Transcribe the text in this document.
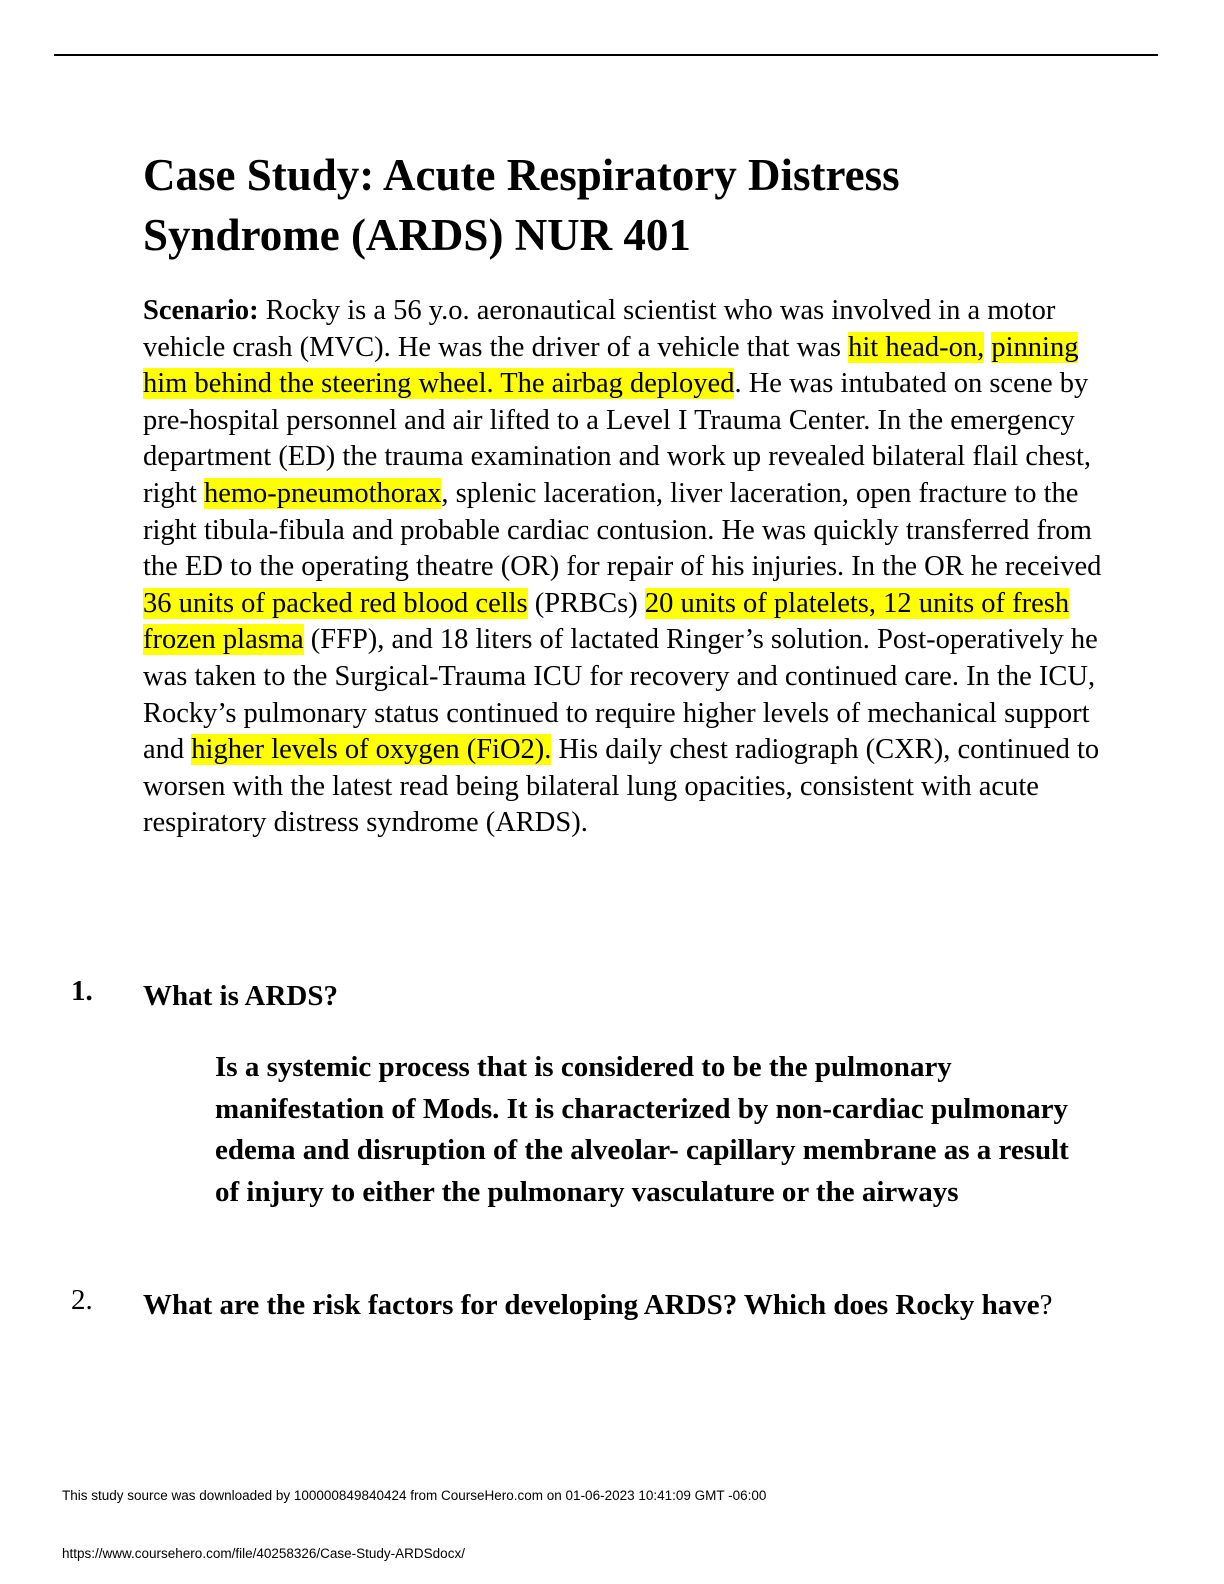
Case Study: Acute Respiratory Distress Syndrome (ARDS) NUR 401

Scenario: Rocky is a 56 y.o. aeronautical scientist who was involved in a motor vehicle crash (MVC). He was the driver of a vehicle that was hit head-on, pinning him behind the steering wheel. The airbag deployed. He was intubated on scene by pre-hospital personnel and air lifted to a Level I Trauma Center. In the emergency department (ED) the trauma examination and work up revealed bilateral flail chest, right hemo-pneumothorax, splenic laceration, liver laceration, open fracture to the right tibula-fibula and probable cardiac contusion. He was quickly transferred from the ED to the operating theatre (OR) for repair of his injuries. In the OR he received 36 units of packed red blood cells (PRBCs) 20 units of platelets, 12 units of fresh frozen plasma (FFP), and 18 liters of lactated Ringer’s solution. Post-operatively he was taken to the Surgical-Trauma ICU for recovery and continued care. In the ICU, Rocky’s pulmonary status continued to require higher levels of mechanical support and higher levels of oxygen (FiO2). His daily chest radiograph (CXR), continued to worsen with the latest read being bilateral lung opacities, consistent with acute respiratory distress syndrome (ARDS).

1. What is ARDS?

Is a systemic process that is considered to be the pulmonary manifestation of Mods. It is characterized by non-cardiac pulmonary edema and disruption of the alveolar- capillary membrane as a result of injury to either the pulmonary vasculature or the airways

2. What are the risk factors for developing ARDS? Which does Rocky have?
This study source was downloaded by 100000849840424 from CourseHero.com on 01-06-2023 10:41:09 GMT -06:00
https://www.coursehero.com/file/40258326/Case-Study-ARDSdocx/
